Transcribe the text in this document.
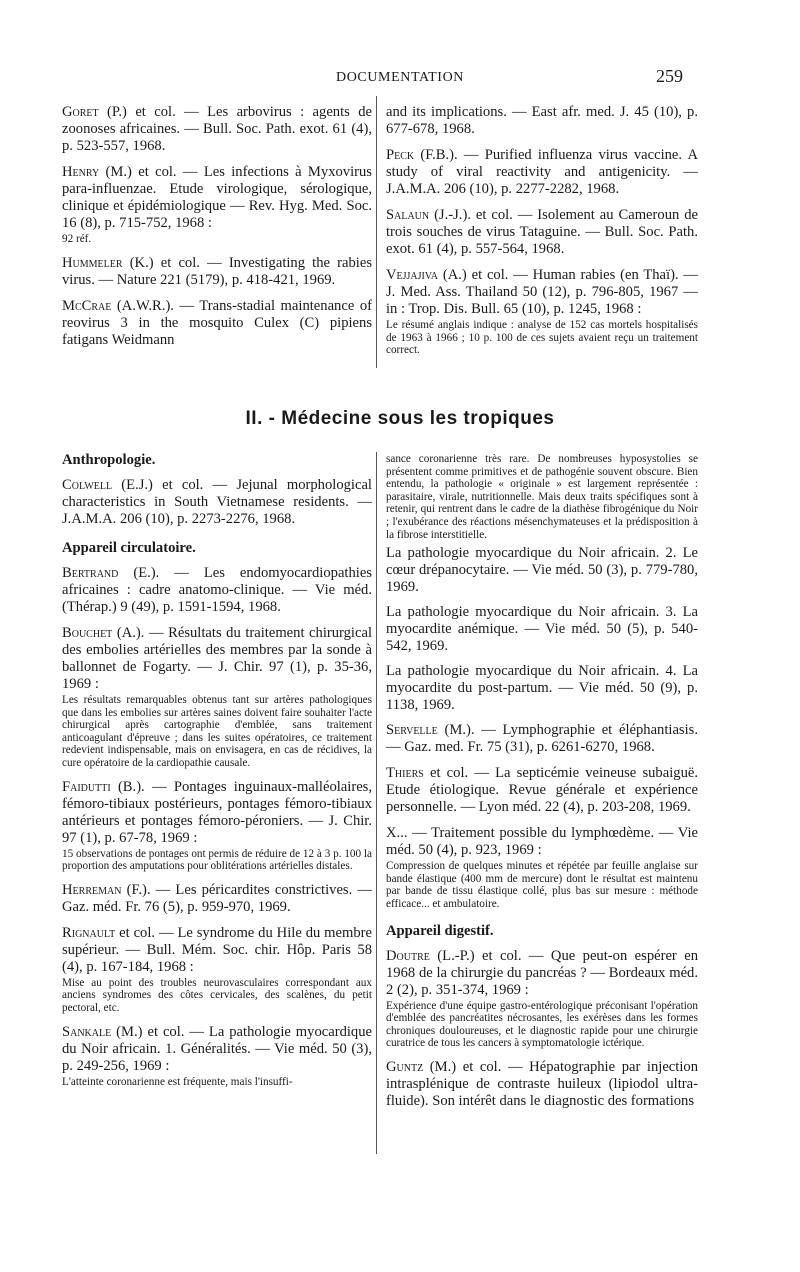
DOCUMENTATION	259
Goret (P.) et col. — Les arbovirus : agents de zoonoses africaines. — Bull. Soc. Path. exot. 61 (4), p. 523-557, 1968.
Henry (M.) et col. — Les infections à Myxovirus para-influenzae. Etude virologique, sérologique, clinique et épidémiologique — Rev. Hyg. Med. Soc. 16 (8), p. 715-752, 1968 :
92 réf.
Hummeler (K.) et col. — Investigating the rabies virus. — Nature 221 (5179), p. 418-421, 1969.
McCrae (A.W.R.). — Trans-stadial maintenance of reovirus 3 in the mosquito Culex (C) pipiens fatigans Weidmann
and its implications. — East afr. med. J. 45 (10), p. 677-678, 1968.
Peck (F.B.). — Purified influenza virus vaccine. A study of viral reactivity and antigenicity. — J.A.M.A. 206 (10), p. 2277-2282, 1968.
Salaun (J.-J.). et col. — Isolement au Cameroun de trois souches de virus Tataguine. — Bull. Soc. Path. exot. 61 (4), p. 557-564, 1968.
Vejjajiva (A.) et col. — Human rabies (en Thaï). — J. Med. Ass. Thailand 50 (12), p. 796-805, 1967 — in : Trop. Dis. Bull. 65 (10), p. 1245, 1968 :
Le résumé anglais indique : analyse de 152 cas mortels hospitalisés de 1963 à 1966 ; 10 p. 100 de ces sujets avaient reçu un traitement correct.
II. - Médecine sous les tropiques
Anthropologie.
Colwell (E.J.) et col. — Jejunal morphological characteristics in South Vietnamese residents. — J.A.M.A. 206 (10), p. 2273-2276, 1968.
Appareil circulatoire.
Bertrand (E.). — Les endomyocardiopathies africaines : cadre anatomo-clinique. — Vie méd. (Thérap.) 9 (49), p. 1591-1594, 1968.
Bouchet (A.). — Résultats du traitement chirurgical des embolies artérielles des membres par la sonde à ballonnet de Fogarty. — J. Chir. 97 (1), p. 35-36, 1969 :
Les résultats remarquables obtenus tant sur artères pathologiques que dans les embolies sur artères saines doivent faire souhaiter l'acte chirurgical après cartographie d'emblée, sans traitement anticoagulant d'épreuve ; dans les suites opératoires, ce traitement redevient indispensable, mais on envisagera, en cas de récidives, la cure opératoire de la cardiopathie causale.
Faidutti (B.). — Pontages inguinaux-malléolaires, fémoro-tibiaux postérieurs, pontages fémoro-tibiaux antérieurs et pontages fémoro-péroniers. — J. Chir. 97 (1), p. 67-78, 1969 :
15 observations de pontages ont permis de réduire de 12 à 3 p. 100 la proportion des amputations pour oblitérations artérielles distales.
Herreman (F.). — Les péricardites constrictives. — Gaz. méd. Fr. 76 (5), p. 959-970, 1969.
Rignault et col. — Le syndrome du Hile du membre supérieur. — Bull. Mém. Soc. chir. Hôp. Paris 58 (4), p. 167-184, 1968 :
Mise au point des troubles neurovasculaires correspondant aux anciens syndromes des côtes cervicales, des scalènes, du petit pectoral, etc.
Sankale (M.) et col. — La pathologie myocardique du Noir africain. 1. Généralités. — Vie méd. 50 (3), p. 249-256, 1969 :
L'atteinte coronarienne est fréquente, mais l'insuffi-
sance coronarienne très rare. De nombreuses hyposystolies se présentent comme primitives et de pathogénie souvent obscure. Bien entendu, la pathologie « originale » est largement représentée : parasitaire, virale, nutritionnelle. Mais deux traits spécifiques sont à retenir, qui rentrent dans le cadre de la diathèse fibrogénique du Noir ; l'exubérance des réactions mésenchymateuses et la prédisposition à la fibrose interstitielle.
La pathologie myocardique du Noir africain. 2. Le cœur drépanocytaire. — Vie méd. 50 (3), p. 779-780, 1969.
La pathologie myocardique du Noir africain. 3. La myocardite anémique. — Vie méd. 50 (5), p. 540-542, 1969.
La pathologie myocardique du Noir africain. 4. La myocardite du post-partum. — Vie méd. 50 (9), p. 1138, 1969.
Servelle (M.). — Lymphographie et éléphantiasis. — Gaz. med. Fr. 75 (31), p. 6261-6270, 1968.
Thiers et col. — La septicémie veineuse subaiguë. Etude étiologique. Revue générale et expérience personnelle. — Lyon méd. 22 (4), p. 203-208, 1969.
X... — Traitement possible du lymphœdème. — Vie méd. 50 (4), p. 923, 1969 :
Compression de quelques minutes et répétée par feuille anglaise sur bande élastique (400 mm de mercure) dont le résultat est maintenu par bande de tissu élastique collé, plus bas sur mesure : méthode efficace... et ambulatoire.
Appareil digestif.
Doutre (L.-P.) et col. — Que peut-on espérer en 1968 de la chirurgie du pancréas ? — Bordeaux méd. 2 (2), p. 351-374, 1969 :
Expérience d'une équipe gastro-entérologique préconisant l'opération d'emblée des pancréatites nécrosantes, les exérèses dans les formes chroniques douloureuses, et le diagnostic rapide pour une chirurgie curatrice de tous les cancers à symptomatologie ictérique.
Guntz (M.) et col. — Hépatographie par injection intrasplénique de contraste huileux (lipiodol ultra-fluide). Son intérêt dans le diagnostic des formations
